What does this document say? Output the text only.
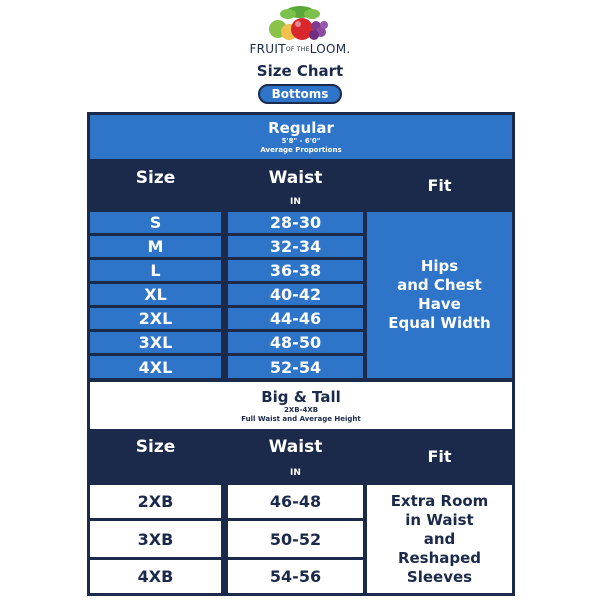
FRUITOF THELOOM.
Size Chart
Bottoms
Regular
5'8" - 6'0"
Average Proportions
Size	Waist	Fit
IN
S	28-30
M	32-34
L	36-38
XL	40-42
2XL	44-46
3XL	48-50
4XL	52-54
Hips
and Chest
Have
Equal Width
Big & Tall
2XB-4XB
Full Waist and Average Height
Size	Waist	Fit
IN
2XB	46-48
3XB	50-52
4XB	54-56
Extra Room
in Waist
and
Reshaped
Sleeves
